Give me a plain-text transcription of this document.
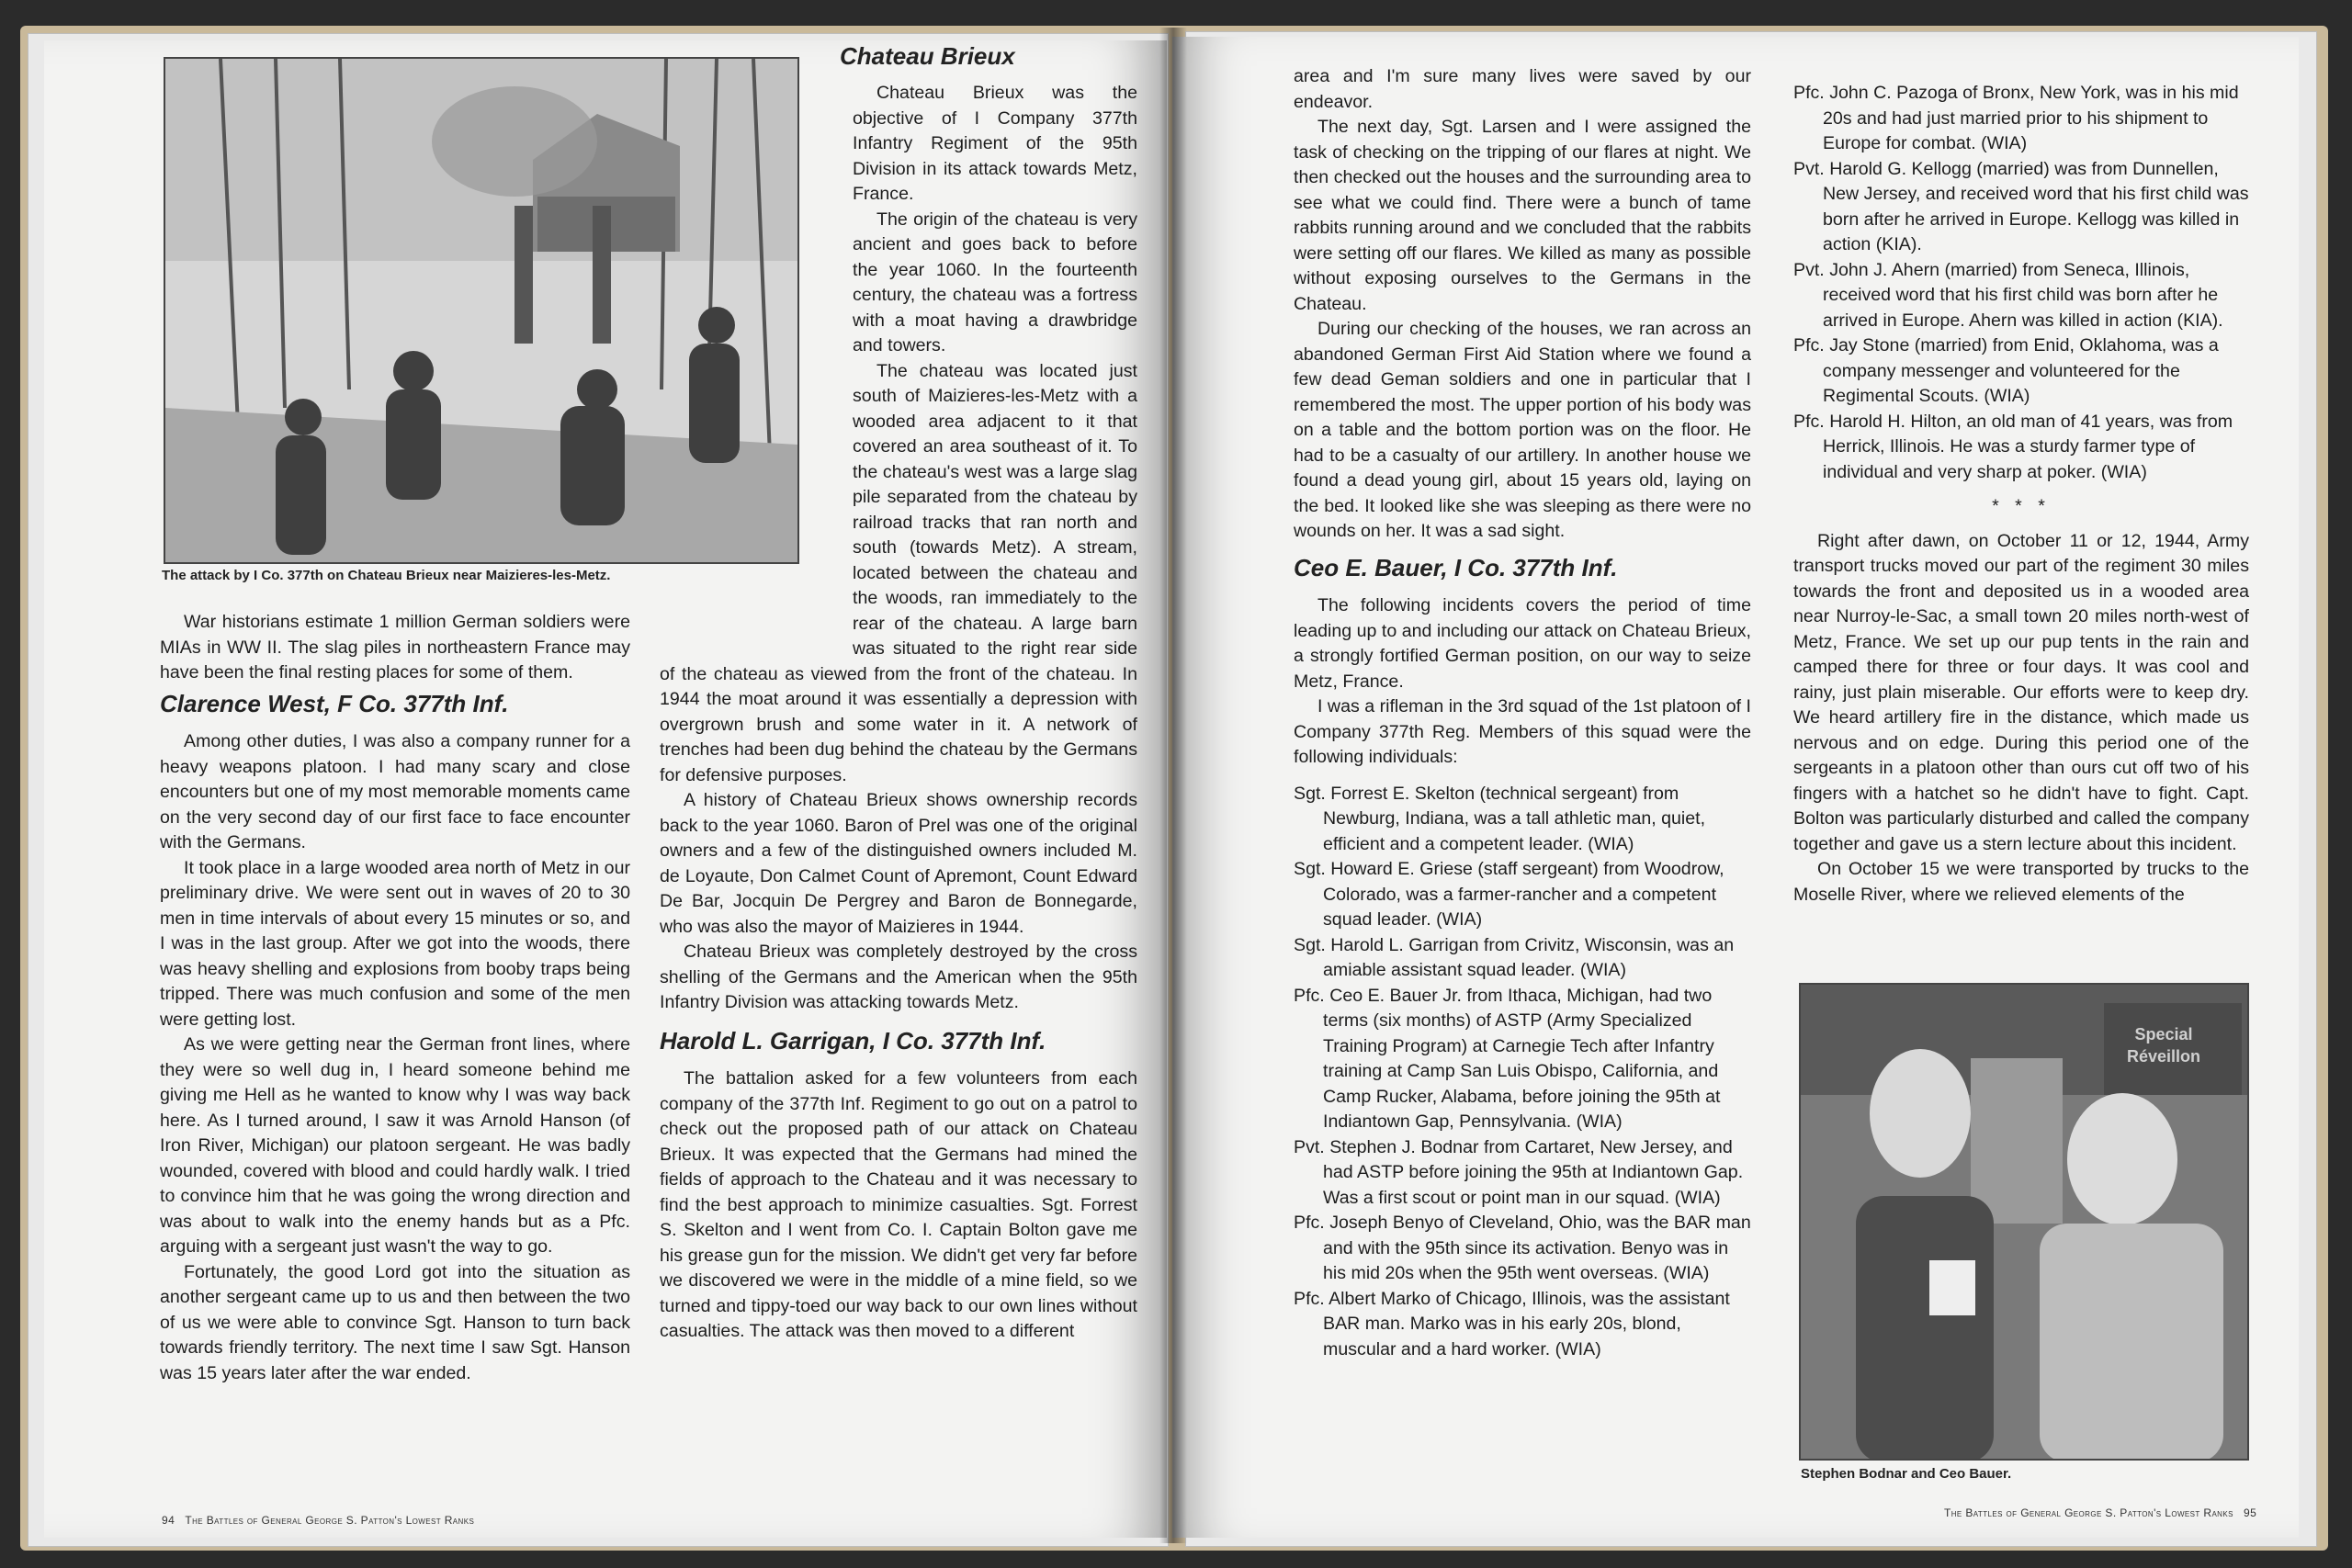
The attack by I Co. 377th on Chateau Brieux near Maizieres-les-Metz.

War historians estimate 1 million German soldiers were MIAs in WW II. The slag piles in northeastern France may have been the final resting places for some of them.

Clarence West, F Co. 377th Inf.

Among other duties, I was also a company runner for a heavy weapons platoon. I had many scary and close encounters but one of my most memorable moments came on the very second day of our first face to face encounter with the Germans.

It took place in a large wooded area north of Metz in our preliminary drive. We were sent out in waves of 20 to 30 men in time intervals of about every 15 minutes or so, and I was in the last group. After we got into the woods, there was heavy shelling and explosions from booby traps being tripped. There was much confusion and some of the men were getting lost.

As we were getting near the German front lines, where they were so well dug in, I heard someone behind me giving me Hell as he wanted to know why I was way back here. As I turned around, I saw it was Arnold Hanson (of Iron River, Michigan) our platoon sergeant. He was badly wounded, covered with blood and could hardly walk. I tried to convince him that he was going the wrong direction and was about to walk into the enemy hands but as a Pfc. arguing with a sergeant just wasn't the way to go.

Fortunately, the good Lord got into the situation as another sergeant came up to us and then between the two of us we were able to convince Sgt. Hanson to turn back towards friendly territory. The next time I saw Sgt. Hanson was 15 years later after the war ended.

Chateau Brieux

Chateau Brieux was the objective of I Company 377th Infantry Regiment of the 95th Division in its attack towards Metz, France.

The origin of the chateau is very ancient and goes back to before the year 1060. In the fourteenth century, the chateau was a fortress with a moat having a drawbridge and towers.

The chateau was located just south of Maizieres-les-Metz with a wooded area adjacent to it that covered an area southeast of it. To the chateau's west was a large slag pile separated from the chateau by railroad tracks that ran north and south (towards Metz). A stream, located between the chateau and the woods, ran immediately to the rear of the chateau. A large barn was situated to the right rear side of the chateau as viewed from the front of the chateau. In 1944 the moat around it was essentially a depression with overgrown brush and some water in it. A network of trenches had been dug behind the chateau by the Germans for defensive purposes.

A history of Chateau Brieux shows ownership records back to the year 1060. Baron of Prel was one of the original owners and a few of the distinguished owners included M. de Loyaute, Don Calmet Count of Apremont, Count Edward De Bar, Jocquin De Pergrey and Baron de Bonnegarde, who was also the mayor of Maizieres in 1944.

Chateau Brieux was completely destroyed by the cross shelling of the Germans and the American when the 95th Infantry Division was attacking towards Metz.

Harold L. Garrigan, I Co. 377th Inf.

The battalion asked for a few volunteers from each company of the 377th Inf. Regiment to go out on a patrol to check out the proposed path of our attack on Chateau Brieux. It was expected that the Germans had mined the fields of approach to the Chateau and it was necessary to find the best approach to minimize casualties. Sgt. Forrest S. Skelton and I went from Co. I. Captain Bolton gave me his grease gun for the mission. We didn't get very far before we discovered we were in the middle of a mine field, so we turned and tippy-toed our way back to our own lines without casualties. The attack was then moved to a different

94 The Battles of General George S. Patton's Lowest Ranks

area and I'm sure many lives were saved by our endeavor.

The next day, Sgt. Larsen and I were assigned the task of checking on the tripping of our flares at night. We then checked out the houses and the surrounding area to see what we could find. There were a bunch of tame rabbits running around and we concluded that the rabbits were setting off our flares. We killed as many as possible without exposing ourselves to the Germans in the Chateau.

During our checking of the houses, we ran across an abandoned German First Aid Station where we found a few dead Geman soldiers and one in particular that I remembered the most. The upper portion of his body was on a table and the bottom portion was on the floor. He had to be a casualty of our artillery. In another house we found a dead young girl, about 15 years old, laying on the bed. It looked like she was sleeping as there were no wounds on her. It was a sad sight.

Ceo E. Bauer, I Co. 377th Inf.

The following incidents covers the period of time leading up to and including our attack on Chateau Brieux, a strongly fortified German position, on our way to seize Metz, France.

I was a rifleman in the 3rd squad of the 1st platoon of I Company 377th Reg. Members of this squad were the following individuals:

Sgt. Forrest E. Skelton (technical sergeant) from Newburg, Indiana, was a tall athletic man, quiet, efficient and a competent leader. (WIA)

Sgt. Howard E. Griese (staff sergeant) from Woodrow, Colorado, was a farmer-rancher and a competent squad leader. (WIA)

Sgt. Harold L. Garrigan from Crivitz, Wisconsin, was an amiable assistant squad leader. (WIA)

Pfc. Ceo E. Bauer Jr. from Ithaca, Michigan, had two terms (six months) of ASTP (Army Specialized Training Program) at Carnegie Tech after Infantry training at Camp San Luis Obispo, California, and Camp Rucker, Alabama, before joining the 95th at Indiantown Gap, Pennsylvania. (WIA)

Pvt. Stephen J. Bodnar from Cartaret, New Jersey, and had ASTP before joining the 95th at Indiantown Gap. Was a first scout or point man in our squad. (WIA)

Pfc. Joseph Benyo of Cleveland, Ohio, was the BAR man and with the 95th since its activation. Benyo was in his mid 20s when the 95th went overseas. (WIA)

Pfc. Albert Marko of Chicago, Illinois, was the assistant BAR man. Marko was in his early 20s, blond, muscular and a hard worker. (WIA)

Pfc. John C. Pazoga of Bronx, New York, was in his mid 20s and had just married prior to his shipment to Europe for combat. (WIA)

Pvt. Harold G. Kellogg (married) was from Dunnellen, New Jersey, and received word that his first child was born after he arrived in Europe. Kellogg was killed in action (KIA).

Pvt. John J. Ahern (married) from Seneca, Illinois, received word that his first child was born after he arrived in Europe. Ahern was killed in action (KIA).

Pfc. Jay Stone (married) from Enid, Oklahoma, was a company messenger and volunteered for the Regimental Scouts. (WIA)

Pfc. Harold H. Hilton, an old man of 41 years, was from Herrick, Illinois. He was a sturdy farmer type of individual and very sharp at poker. (WIA)

* * *

Right after dawn, on October 11 or 12, 1944, Army transport trucks moved our part of the regiment 30 miles towards the front and deposited us in a wooded area near Nurroy-le-Sac, a small town 20 miles north-west of Metz, France. We set up our pup tents in the rain and camped there for three or four days. It was cool and rainy, just plain miserable. Our efforts were to keep dry. We heard artillery fire in the distance, which made us nervous and on edge. During this period one of the sergeants in a platoon other than ours cut off two of his fingers with a hatchet so he didn't have to fight. Capt. Bolton was particularly disturbed and called the company together and gave us a stern lecture about this incident.

On October 15 we were transported by trucks to the Moselle River, where we relieved elements of the

Special
Réveillon
Stephen Bodnar and Ceo Bauer.
The Battles of General George S. Patton's Lowest Ranks 95
